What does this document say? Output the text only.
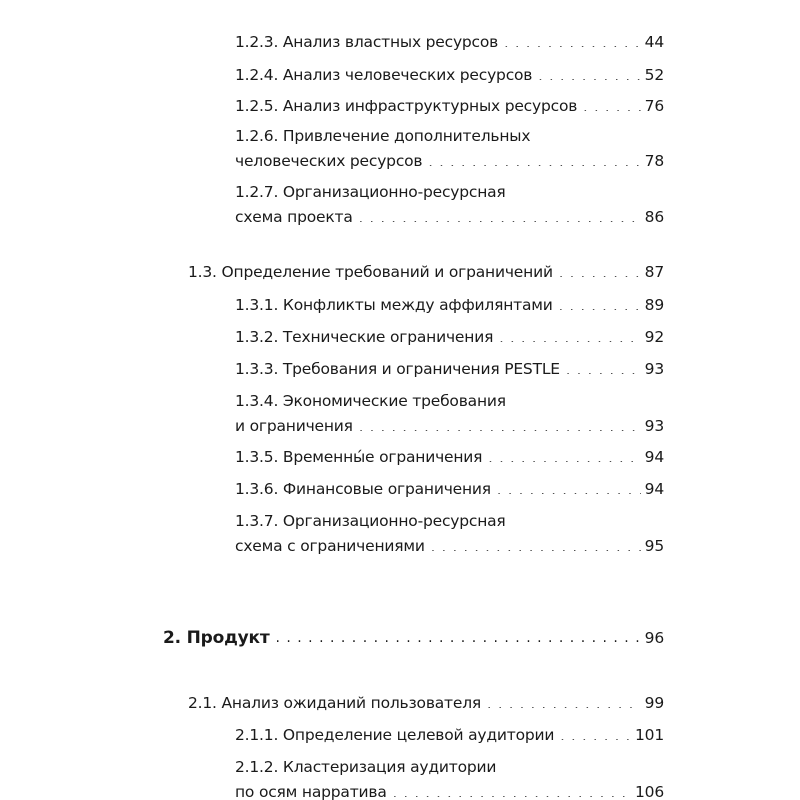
1.2.3. Анализ властных ресурсов . . .	44
1.2.4. Анализ человеческих ресурсов . . .	52
1.2.5. Анализ инфраструктурных ресурсов . . .	76
1.2.6. Привлечение дополнительных
человеческих ресурсов . . .	78
1.2.7. Организационно-ресурсная
схема проекта . . .	86
1.3. Определение требований и ограничений . . .	87
1.3.1. Конфликты между аффилянтами . . .	89
1.3.2. Технические ограничения . . .	92
1.3.3. Требования и ограничения PESTLE . . .	93
1.3.4. Экономические требования
и ограничения . . .	93
1.3.5. Временны́е ограничения . . .	94
1.3.6. Финансовые ограничения . . .	94
1.3.7. Организационно-ресурсная
схема с ограничениями . . .	95
2. Продукт . . .	96
2.1. Анализ ожиданий пользователя . . .	99
2.1.1. Определение целевой аудитории . . .	101
2.1.2. Кластеризация аудитории
по осям нарратива . . .	106
